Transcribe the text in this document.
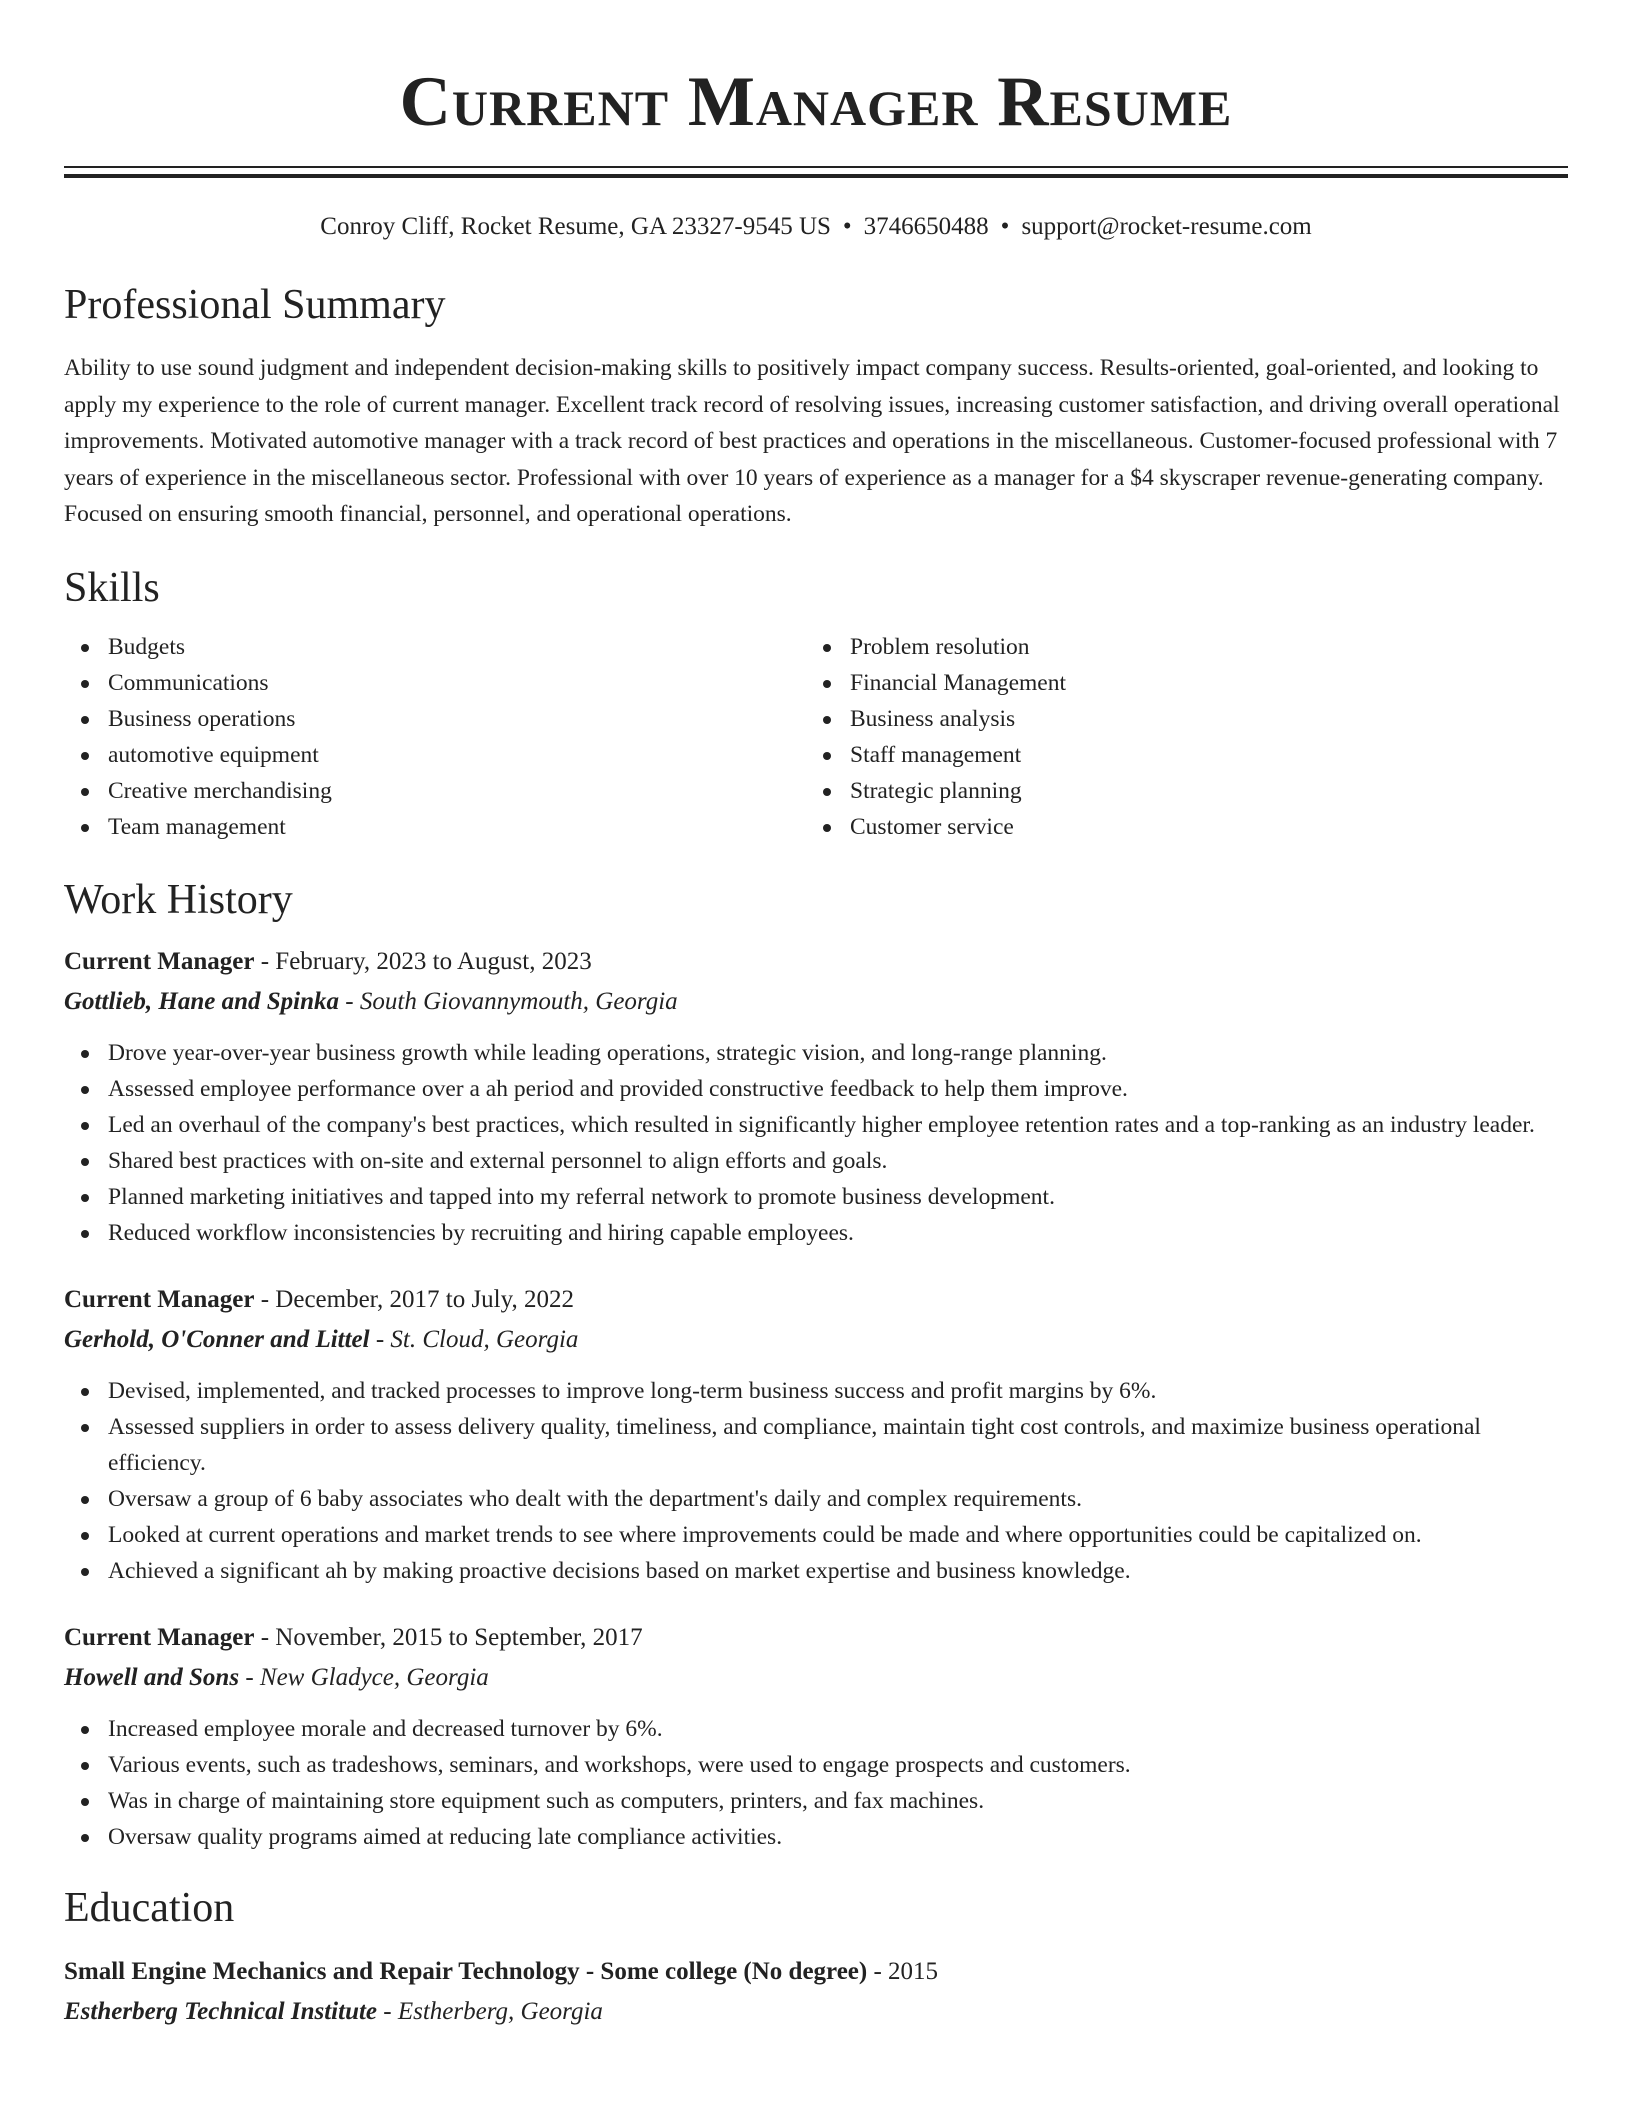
Current Manager Resume
Conroy Cliff, Rocket Resume, GA 23327-9545 US • 3746650488 • support@rocket-resume.com
Professional Summary
Ability to use sound judgment and independent decision-making skills to positively impact company success. Results-oriented, goal-oriented, and looking to apply my experience to the role of current manager. Excellent track record of resolving issues, increasing customer satisfaction, and driving overall operational improvements. Motivated automotive manager with a track record of best practices and operations in the miscellaneous. Customer-focused professional with 7 years of experience in the miscellaneous sector. Professional with over 10 years of experience as a manager for a $4 skyscraper revenue-generating company. Focused on ensuring smooth financial, personnel, and operational operations.
Skills
Budgets
Communications
Business operations
automotive equipment
Creative merchandising
Team management
Problem resolution
Financial Management
Business analysis
Staff management
Strategic planning
Customer service
Work History
Current Manager - February, 2023 to August, 2023
Gottlieb, Hane and Spinka - South Giovannymouth, Georgia
Drove year-over-year business growth while leading operations, strategic vision, and long-range planning.
Assessed employee performance over a ah period and provided constructive feedback to help them improve.
Led an overhaul of the company's best practices, which resulted in significantly higher employee retention rates and a top-ranking as an industry leader.
Shared best practices with on-site and external personnel to align efforts and goals.
Planned marketing initiatives and tapped into my referral network to promote business development.
Reduced workflow inconsistencies by recruiting and hiring capable employees.
Current Manager - December, 2017 to July, 2022
Gerhold, O'Conner and Littel - St. Cloud, Georgia
Devised, implemented, and tracked processes to improve long-term business success and profit margins by 6%.
Assessed suppliers in order to assess delivery quality, timeliness, and compliance, maintain tight cost controls, and maximize business operational efficiency.
Oversaw a group of 6 baby associates who dealt with the department's daily and complex requirements.
Looked at current operations and market trends to see where improvements could be made and where opportunities could be capitalized on.
Achieved a significant ah by making proactive decisions based on market expertise and business knowledge.
Current Manager - November, 2015 to September, 2017
Howell and Sons - New Gladyce, Georgia
Increased employee morale and decreased turnover by 6%.
Various events, such as tradeshows, seminars, and workshops, were used to engage prospects and customers.
Was in charge of maintaining store equipment such as computers, printers, and fax machines.
Oversaw quality programs aimed at reducing late compliance activities.
Education
Small Engine Mechanics and Repair Technology - Some college (No degree) - 2015
Estherberg Technical Institute - Estherberg, Georgia
